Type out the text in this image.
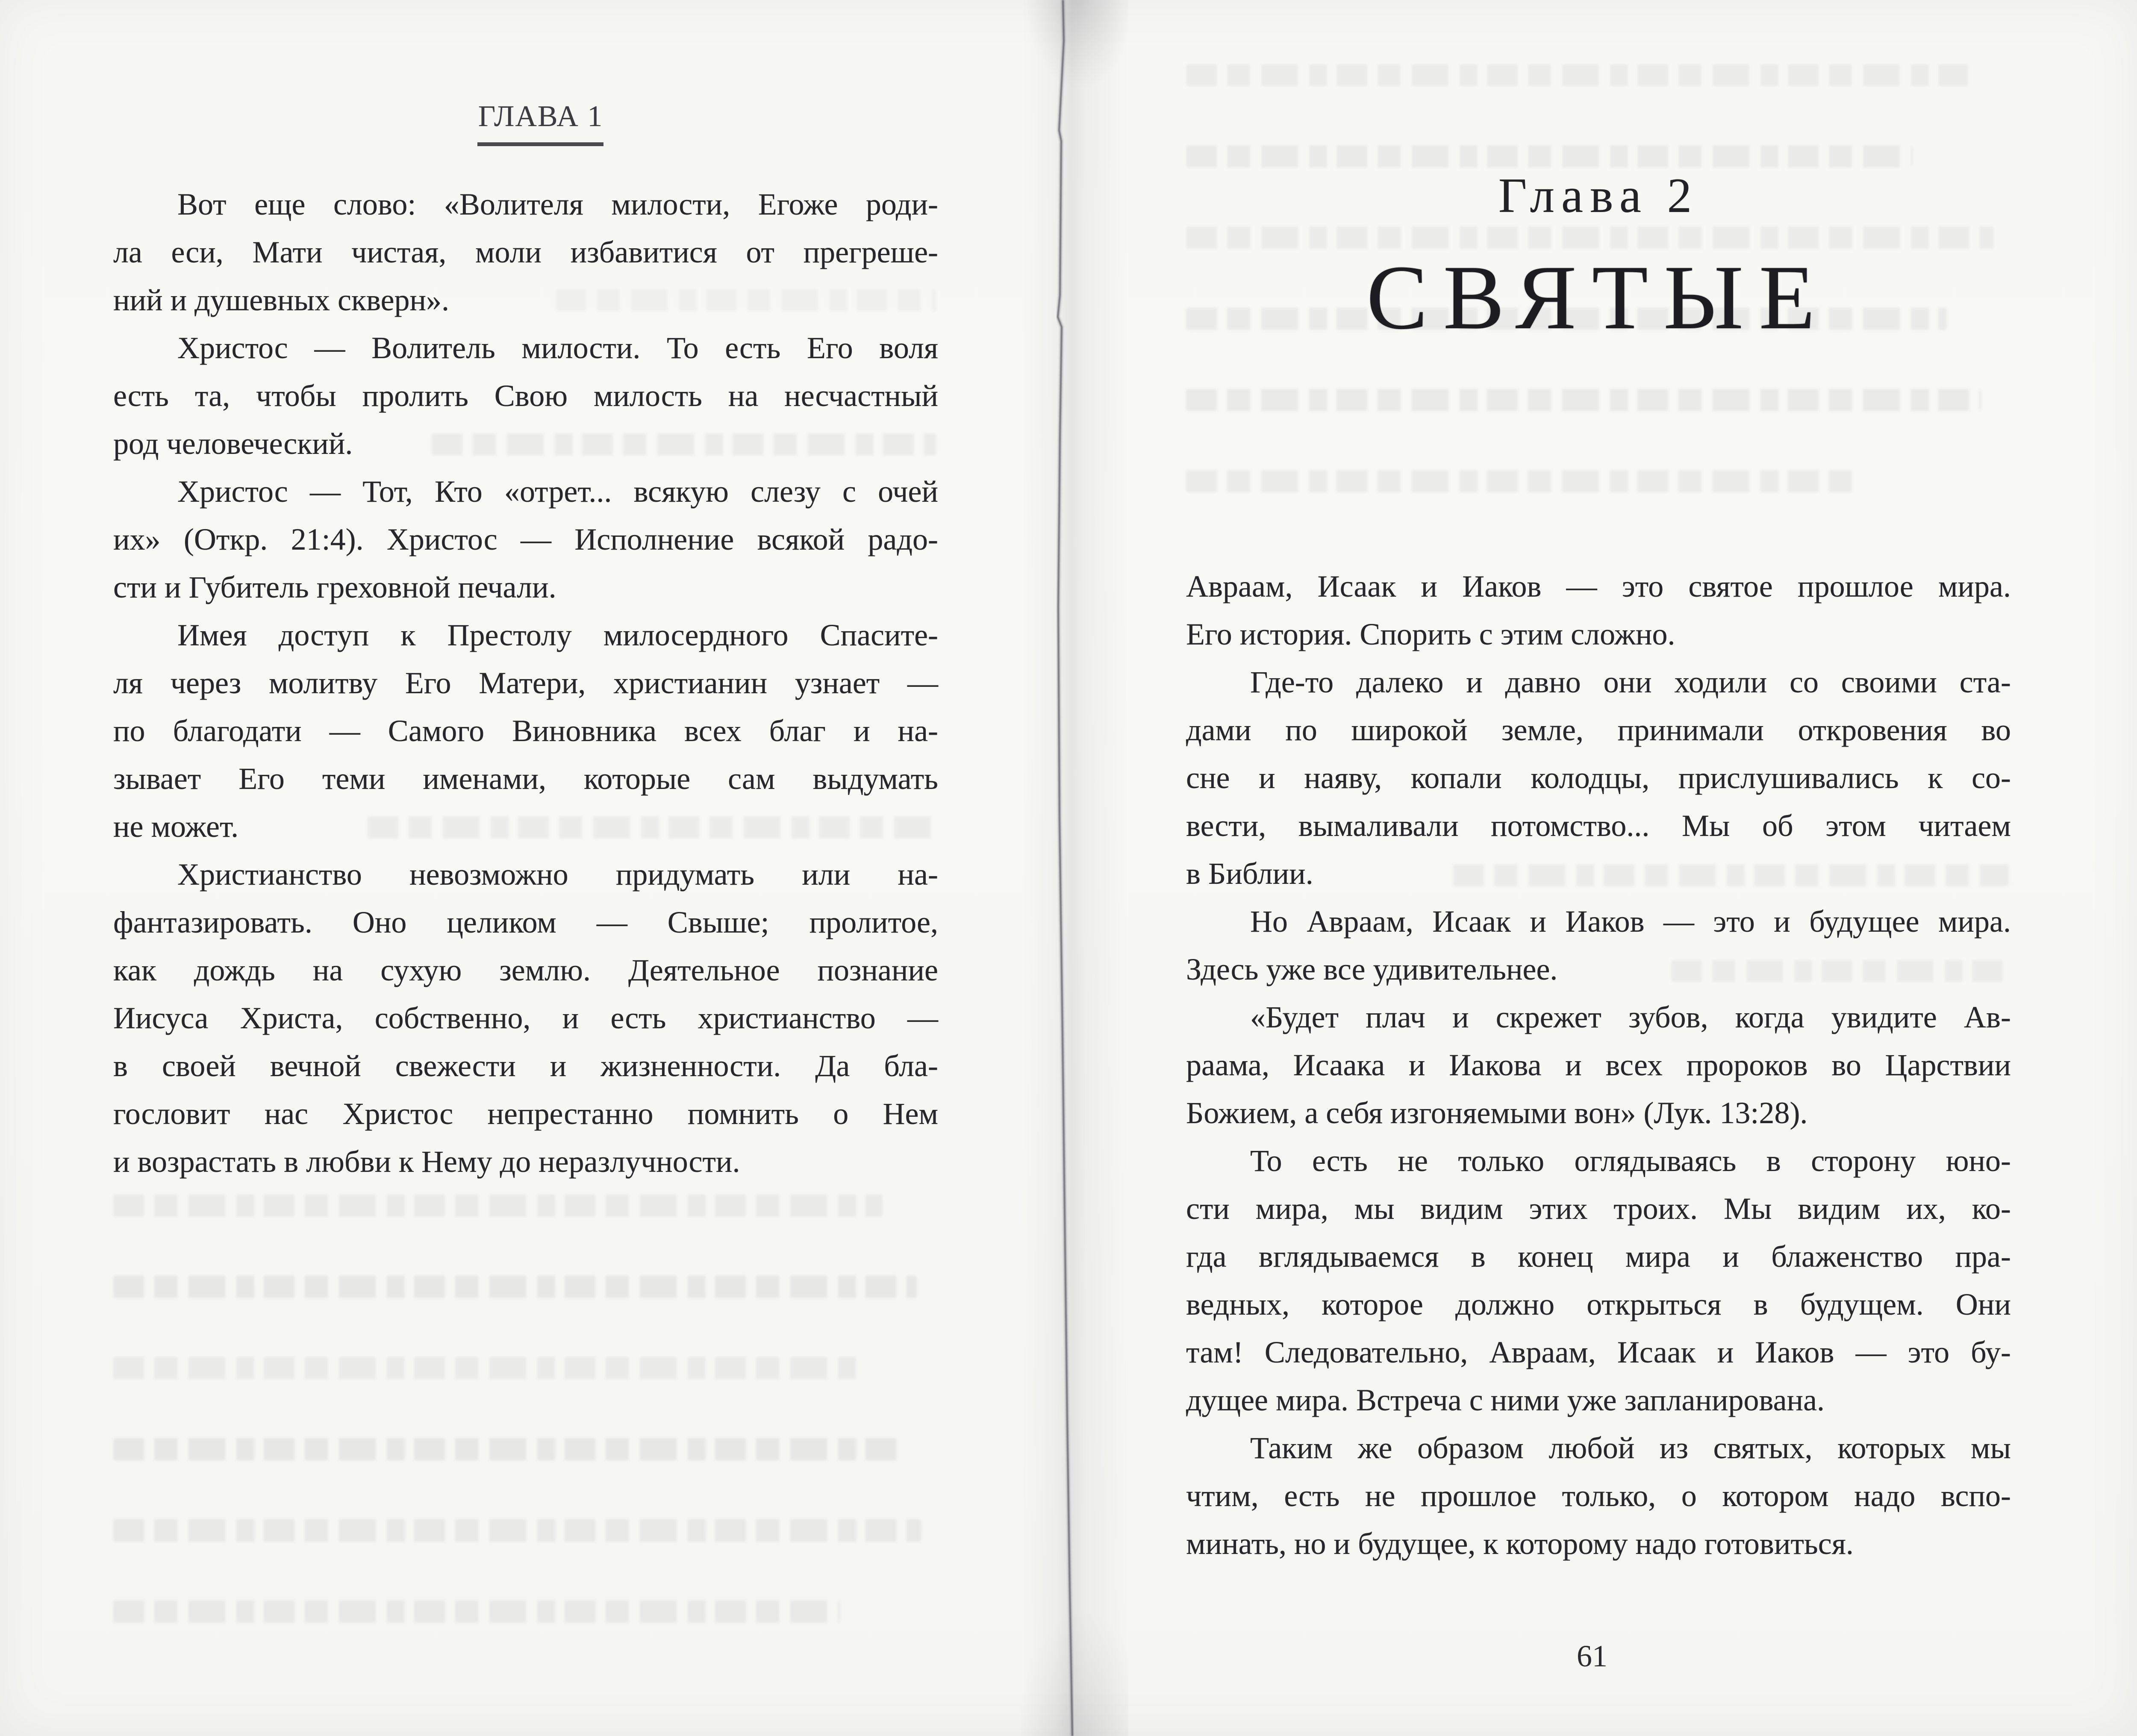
ГЛАВА 1
Вот еще слово: «Волителя милости, Егоже роди-
ла еси, Мати чистая, моли избавитися от прегреше-
ний и душевных скверн».
Христос — Волитель милости. То есть Его воля
есть та, чтобы пролить Свою милость на несчастный
род человеческий.
Христос — Тот, Кто «отрет... всякую слезу с очей
их» (Откр. 21:4). Христос — Исполнение всякой радо-
сти и Губитель греховной печали.
Имея доступ к Престолу милосердного Спасите-
ля через молитву Его Матери, христианин узнает —
по благодати — Самого Виновника всех благ и на-
зывает Его теми именами, которые сам выдумать
не может.
Христианство невозможно придумать или на-
фантазировать. Оно целиком — Свыше; пролитое,
как дождь на сухую землю. Деятельное познание
Иисуса Христа, собственно, и есть христианство —
в своей вечной свежести и жизненности. Да бла-
гословит нас Христос непрестанно помнить о Нем
и возрастать в любви к Нему до неразлучности.
Глава 2
СВЯТЫЕ
Авраам, Исаак и Иаков — это святое прошлое мира.
Его история. Спорить с этим сложно.
Где-то далеко и давно они ходили со своими ста-
дами по широкой земле, принимали откровения во
сне и наяву, копали колодцы, прислушивались к со-
вести, вымаливали потомство... Мы об этом читаем
в Библии.
Но Авраам, Исаак и Иаков — это и будущее мира.
Здесь уже все удивительнее.
«Будет плач и скрежет зубов, когда увидите Ав-
раама, Исаака и Иакова и всех пророков во Царствии
Божием, а себя изгоняемыми вон» (Лук. 13:28).
То есть не только оглядываясь в сторону юно-
сти мира, мы видим этих троих. Мы видим их, ко-
гда вглядываемся в конец мира и блаженство пра-
ведных, которое должно открыться в будущем. Они
там! Следовательно, Авраам, Исаак и Иаков — это бу-
дущее мира. Встреча с ними уже запланирована.
Таким же образом любой из святых, которых мы
чтим, есть не прошлое только, о котором надо вспо-
минать, но и будущее, к которому надо готовиться.
61
